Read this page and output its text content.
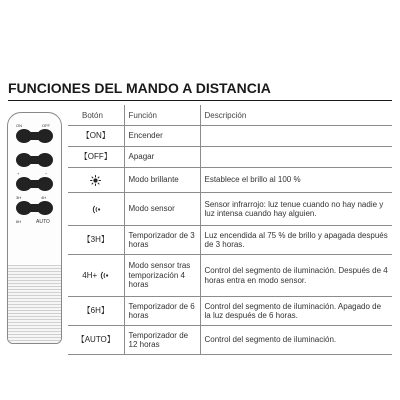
FUNCIONES DEL MANDO A DISTANCIA
ON	OFF
+	−
3H	4H
6H	AUTO
Botón	Función	Descripción
【ON】	Encender	
【OFF】	Apagar	
	Modo brillante	Establece el brillo al 100 %
	Modo sensor	Sensor infrarrojo: luz tenue cuando no hay nadie y luz intensa cuando hay alguien.
【3H】	Temporizador de 3 horas	Luz encendida al 75 % de brillo y apagada después de 3 horas.

4H+	Modo sensor tras temporización 4 horas	Control del segmento de iluminación. Después de 4 horas entra en modo sensor.
【6H】	Temporizador de 6 horas	Control del segmento de iluminación. Apagado de la luz después de 6 horas.
【AUTO】	Temporizador de 12 horas	Control del segmento de iluminación.
